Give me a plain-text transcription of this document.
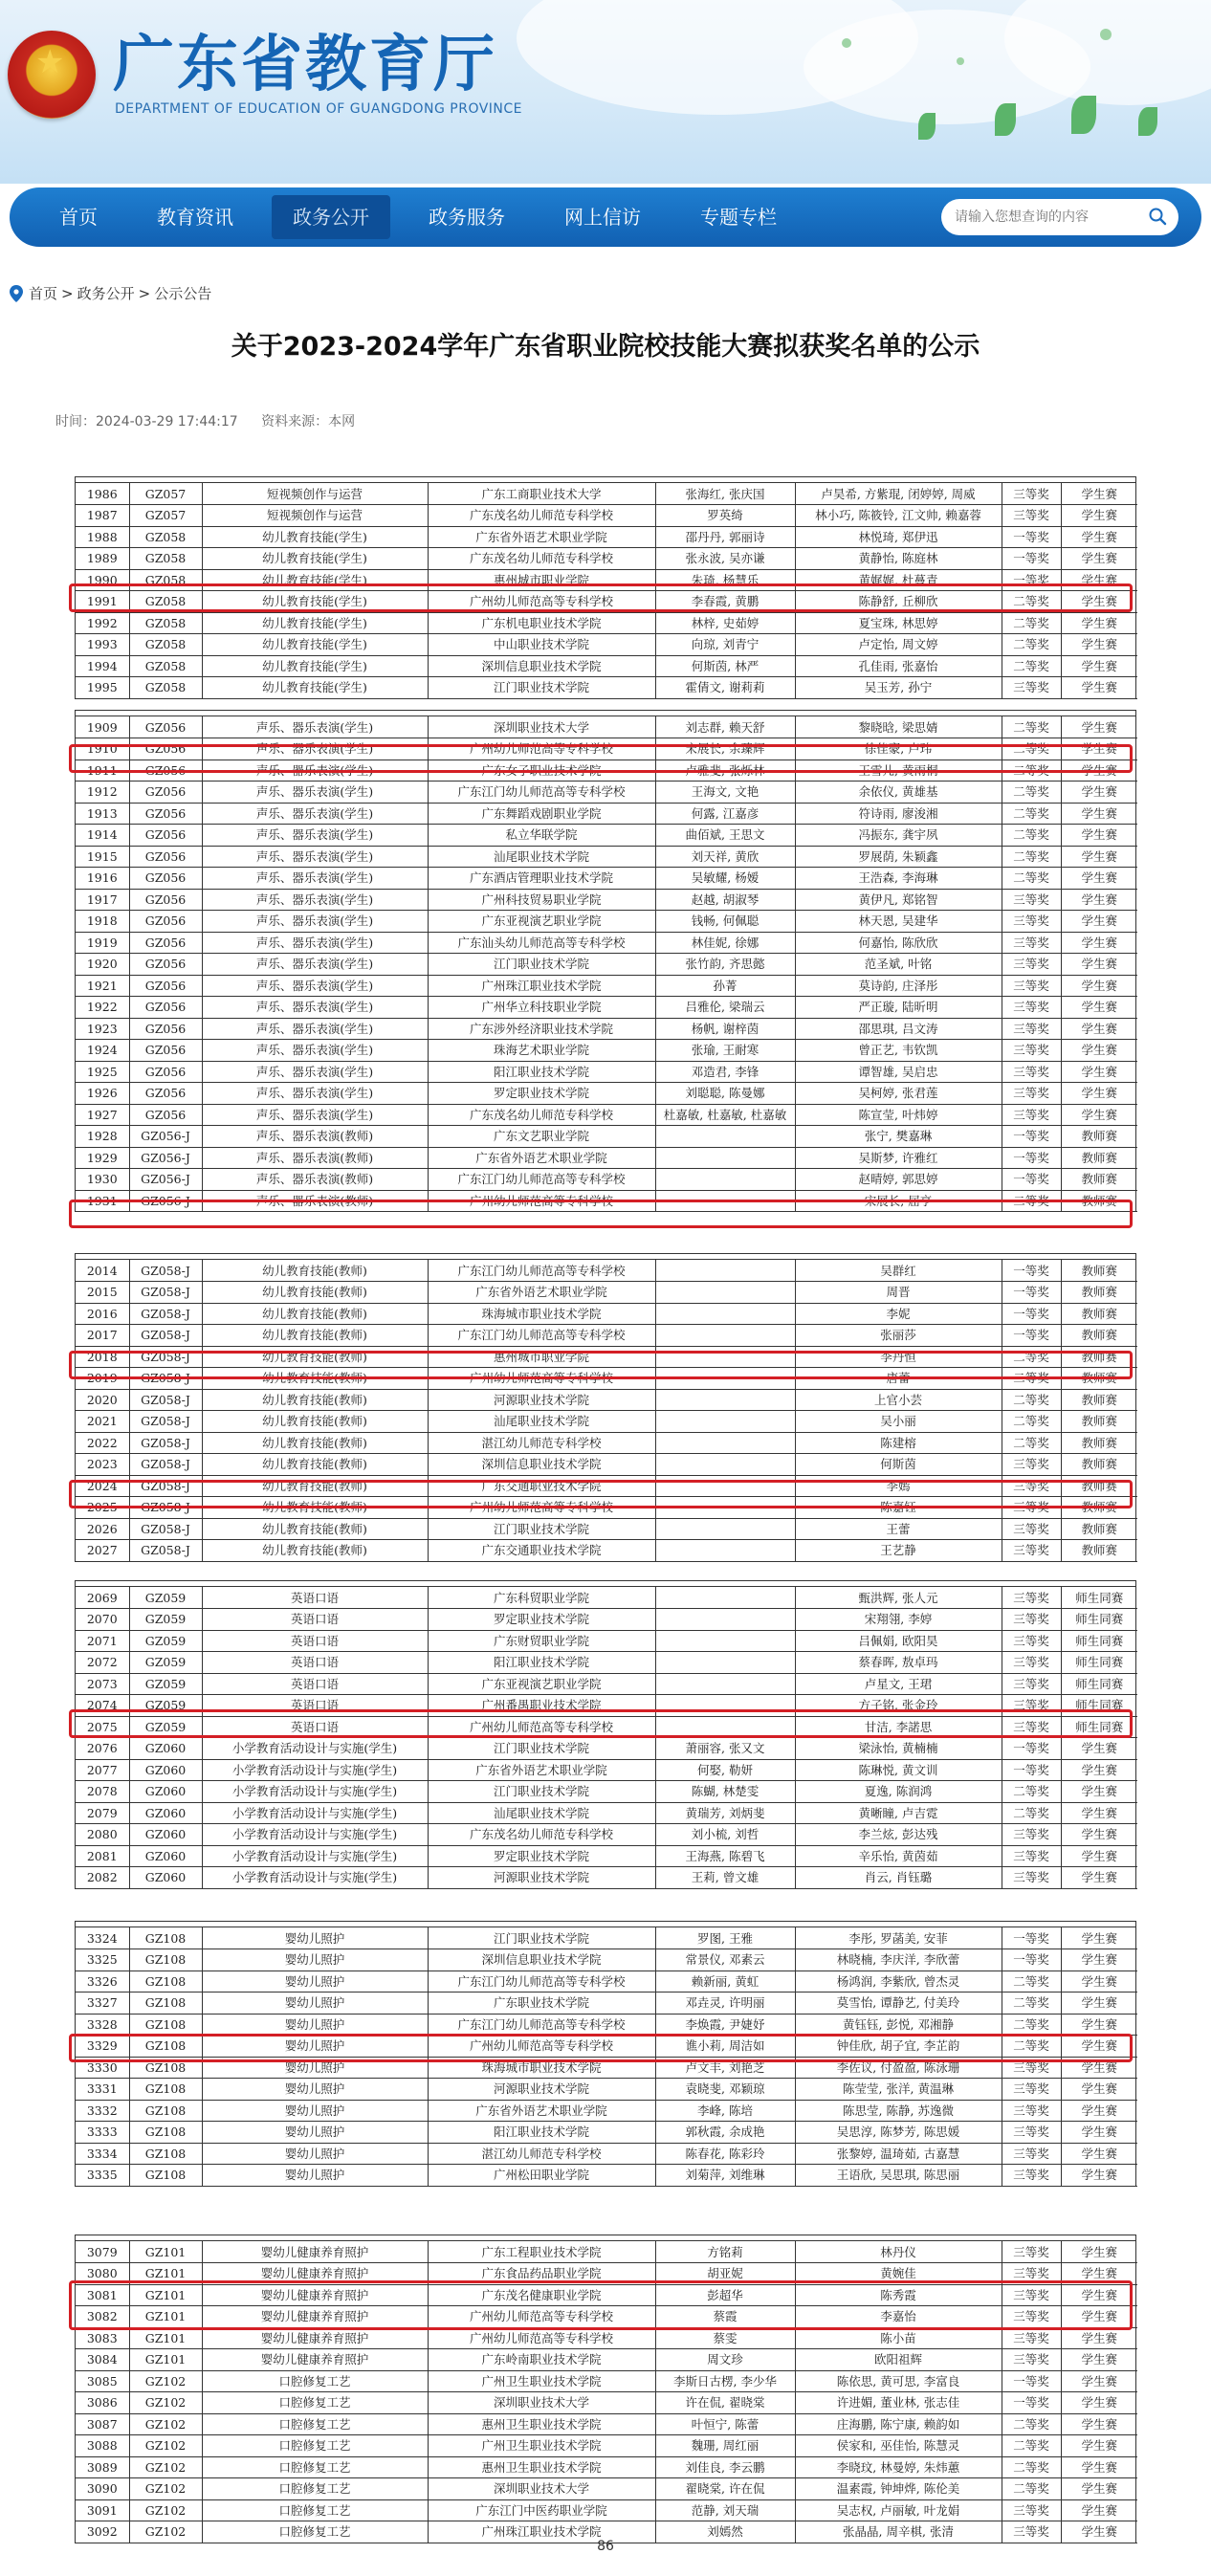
★ 广东省教育厅
DEPARTMENT OF EDUCATION OF GUANGDONG PROVINCE
首页	教育资讯	政务公开	政务服务	网上信访	专题专栏
请输入您想查询的内容
首页 > 政务公开 > 公示公告
关于2023-2024学年广东省职业院校技能大赛拟获奖名单的公示
时间：2024-03-29 17:44:17 资料来源：本网
1986	GZ057	短视频创作与运营	广东工商职业技术大学	张海红, 张庆国	卢昊希, 方紫琨, 闭婷婷, 周威	三等奖	学生赛
1987	GZ057	短视频创作与运营	广东茂名幼儿师范专科学校	罗英绮	林小巧, 陈筱铃, 江文帅, 赖嘉蓉	三等奖	学生赛
1988	GZ058	幼儿教育技能(学生)	广东省外语艺术职业学院	邵丹丹, 郭丽诗	林悦琦, 郑伊迅	一等奖	学生赛
1989	GZ058	幼儿教育技能(学生)	广东茂名幼儿师范专科学校	张永波, 吴亦谦	黄静怡, 陈庭林	一等奖	学生赛
1990	GZ058	幼儿教育技能(学生)	惠州城市职业学院	朱琦, 杨慧乐	黄娓娓, 杜蔓青	一等奖	学生赛
1991	GZ058	幼儿教育技能(学生)	广州幼儿师范高等专科学校	李春霞, 黄鹏	陈静舒, 丘柳欣	二等奖	学生赛
1992	GZ058	幼儿教育技能(学生)	广东机电职业技术学院	林梓, 史茹婷	夏宝珠, 林思婷	二等奖	学生赛
1993	GZ058	幼儿教育技能(学生)	中山职业技术学院	向琼, 刘青宁	卢定怡, 周文婷	二等奖	学生赛
1994	GZ058	幼儿教育技能(学生)	深圳信息职业技术学院	何斯茵, 林严	孔佳雨, 张嘉怡	二等奖	学生赛
1995	GZ058	幼儿教育技能(学生)	江门职业技术学院	霍倩文, 谢莉莉	吴玉芳, 孙宁	三等奖	学生赛
1909	GZ056	声乐、器乐表演(学生)	深圳职业技术大学	刘志群, 赖天舒	黎晓晗, 梁思婧	二等奖	学生赛
1910	GZ056	声乐、器乐表演(学生)	广州幼儿师范高等专科学校	宋展长, 余臻辉	徐佳豪, 卢玮	二等奖	学生赛
1911	GZ056	声乐、器乐表演(学生)	广东女子职业技术学院	卢雅斐, 张烁林	王雪儿, 黄雨桐	二等奖	学生赛
1912	GZ056	声乐、器乐表演(学生)	广东江门幼儿师范高等专科学校	王海文, 文艳	余依仪, 黄雄基	二等奖	学生赛
1913	GZ056	声乐、器乐表演(学生)	广东舞蹈戏剧职业学院	何露, 江嘉彦	符诗雨, 廖浚湘	二等奖	学生赛
1914	GZ056	声乐、器乐表演(学生)	私立华联学院	曲佰斌, 王思文	冯振东, 龚宇夙	二等奖	学生赛
1915	GZ056	声乐、器乐表演(学生)	汕尾职业技术学院	刘天祥, 黄欣	罗展荫, 朱颖鑫	二等奖	学生赛
1916	GZ056	声乐、器乐表演(学生)	广东酒店管理职业技术学院	吴敏耀, 杨嫒	王浩森, 李海琳	二等奖	学生赛
1917	GZ056	声乐、器乐表演(学生)	广州科技贸易职业学院	赵越, 胡淑琴	黄伊凡, 郑铭智	三等奖	学生赛
1918	GZ056	声乐、器乐表演(学生)	广东亚视演艺职业学院	钱畅, 何佩聪	林天恩, 吴建华	三等奖	学生赛
1919	GZ056	声乐、器乐表演(学生)	广东汕头幼儿师范高等专科学校	林佳妮, 徐娜	何嘉怡, 陈欣欣	三等奖	学生赛
1920	GZ056	声乐、器乐表演(学生)	江门职业技术学院	张竹韵, 齐思懿	范圣斌, 叶铭	三等奖	学生赛
1921	GZ056	声乐、器乐表演(学生)	广州珠江职业技术学院	孙菁	莫诗韵, 庄泽彤	三等奖	学生赛
1922	GZ056	声乐、器乐表演(学生)	广州华立科技职业学院	吕雅伦, 梁瑞云	严正璇, 陆昕明	三等奖	学生赛
1923	GZ056	声乐、器乐表演(学生)	广东涉外经济职业技术学院	杨帆, 谢梓茵	邵思琪, 吕文涛	三等奖	学生赛
1924	GZ056	声乐、器乐表演(学生)	珠海艺术职业学院	张瑜, 王耐寒	曾正艺, 韦钦凯	三等奖	学生赛
1925	GZ056	声乐、器乐表演(学生)	阳江职业技术学院	邓造君, 李锋	谭智雄, 吴启忠	三等奖	学生赛
1926	GZ056	声乐、器乐表演(学生)	罗定职业技术学院	刘聪聪, 陈曼娜	吴柯婷, 张君莲	三等奖	学生赛
1927	GZ056	声乐、器乐表演(学生)	广东茂名幼儿师范专科学校	杜嘉敏, 杜嘉敏, 杜嘉敏	陈宣莹, 叶炜婷	三等奖	学生赛
1928	GZ056-J	声乐、器乐表演(教师)	广东文艺职业学院		张宁, 樊嘉琳	一等奖	教师赛
1929	GZ056-J	声乐、器乐表演(教师)	广东省外语艺术职业学院		吴斯梦, 许雅红	一等奖	教师赛
1930	GZ056-J	声乐、器乐表演(教师)	广东江门幼儿师范高等专科学校		赵晴婷, 郭思婷	一等奖	教师赛
1931	GZ056-J	声乐、器乐表演(教师)	广州幼儿师范高等专科学校		宋展长, 屈亨	二等奖	教师赛
2014	GZ058-J	幼儿教育技能(教师)	广东江门幼儿师范高等专科学校		吴群红	一等奖	教师赛
2015	GZ058-J	幼儿教育技能(教师)	广东省外语艺术职业学院		周晋	一等奖	教师赛
2016	GZ058-J	幼儿教育技能(教师)	珠海城市职业技术学院		李妮	一等奖	教师赛
2017	GZ058-J	幼儿教育技能(教师)	广东江门幼儿师范高等专科学校		张丽莎	一等奖	教师赛
2018	GZ058-J	幼儿教育技能(教师)	惠州城市职业学院		李丹恒	二等奖	教师赛
2019	GZ058-J	幼儿教育技能(教师)	广州幼儿师范高等专科学校		唐蕾	二等奖	教师赛
2020	GZ058-J	幼儿教育技能(教师)	河源职业技术学院		上官小芸	二等奖	教师赛
2021	GZ058-J	幼儿教育技能(教师)	汕尾职业技术学院		吴小丽	二等奖	教师赛
2022	GZ058-J	幼儿教育技能(教师)	湛江幼儿师范专科学校		陈建榕	二等奖	教师赛
2023	GZ058-J	幼儿教育技能(教师)	深圳信息职业技术学院		何斯茵	三等奖	教师赛
2024	GZ058-J	幼儿教育技能(教师)	广东交通职业技术学院		李嫣	三等奖	教师赛
2025	GZ058-J	幼儿教育技能(教师)	广州幼儿师范高等专科学校		陈嘉钰	三等奖	教师赛
2026	GZ058-J	幼儿教育技能(教师)	江门职业技术学院		王蕾	三等奖	教师赛
2027	GZ058-J	幼儿教育技能(教师)	广东交通职业技术学院		王艺静	三等奖	教师赛
2069	GZ059	英语口语	广东科贸职业学院		甄洪辉, 张人元	三等奖	师生同赛
2070	GZ059	英语口语	罗定职业技术学院		宋翔翎, 李婷	三等奖	师生同赛
2071	GZ059	英语口语	广东财贸职业学院		吕佩娟, 欧阳昊	三等奖	师生同赛
2072	GZ059	英语口语	阳江职业技术学院		蔡春晖, 敖卓玛	三等奖	师生同赛
2073	GZ059	英语口语	广东亚视演艺职业学院		卢星文, 王珺	三等奖	师生同赛
2074	GZ059	英语口语	广州番禺职业技术学院		方子铭, 张金玲	三等奖	师生同赛
2075	GZ059	英语口语	广州幼儿师范高等专科学校		甘洁, 李諾思	三等奖	师生同赛
2076	GZ060	小学教育活动设计与实施(学生)	江门职业技术学院	萧丽容, 张又文	梁泳怡, 黄楠楠	一等奖	学生赛
2077	GZ060	小学教育活动设计与实施(学生)	广东省外语艺术职业学院	何娶, 勒妍	陈琳悦, 黄文训	一等奖	学生赛
2078	GZ060	小学教育活动设计与实施(学生)	江门职业技术学院	陈蝴, 林楚雯	夏逸, 陈润鸿	二等奖	学生赛
2079	GZ060	小学教育活动设计与实施(学生)	汕尾职业技术学院	黄瑞芳, 刘炳斐	黄晰瞳, 卢吉霓	二等奖	学生赛
2080	GZ060	小学教育活动设计与实施(学生)	广东茂名幼儿师范专科学校	刘小梳, 刘哲	李兰炫, 彭达残	三等奖	学生赛
2081	GZ060	小学教育活动设计与实施(学生)	罗定职业技术学院	王海燕, 陈碧飞	辛乐怡, 黄茵茹	三等奖	学生赛
2082	GZ060	小学教育活动设计与实施(学生)	河源职业技术学院	王莉, 曾文雄	肖云, 肖钰璐	三等奖	学生赛
3324	GZ108	婴幼儿照护	江门职业技术学院	罗图, 王雅	李彤, 罗菡美, 安菲	一等奖	学生赛
3325	GZ108	婴幼儿照护	深圳信息职业技术学院	常景仪, 邓素云	林晓楠, 李庆洋, 李欣蕾	一等奖	学生赛
3326	GZ108	婴幼儿照护	广东江门幼儿师范高等专科学校	赖新丽, 黄虹	杨鸿润, 李紫欣, 曾杰灵	二等奖	学生赛
3327	GZ108	婴幼儿照护	广东职业技术学院	邓垚灵, 许明丽	莫雪怡, 谭静艺, 付美玲	二等奖	学生赛
3328	GZ108	婴幼儿照护	广东江门幼儿师范高等专科学校	李焕霞, 尹婕妤	黄钰钰, 彭悦, 邓湘静	二等奖	学生赛
3329	GZ108	婴幼儿照护	广州幼儿师范高等专科学校	谯小莉, 周洁如	钟佳欣, 胡子宜, 李芷韵	二等奖	学生赛
3330	GZ108	婴幼儿照护	珠海城市职业技术学院	卢文丰, 刘艳芝	李佐议, 付盈盈, 陈泳珊	三等奖	学生赛
3331	GZ108	婴幼儿照护	河源职业技术学院	袁晓斐, 邓颖琼	陈莹莹, 张洋, 黄温琳	三等奖	学生赛
3332	GZ108	婴幼儿照护	广东省外语艺术职业学院	李峰, 陈培	陈思莹, 陈静, 苏逸微	三等奖	学生赛
3333	GZ108	婴幼儿照护	阳江职业技术学院	郭秋霞, 余成艳	吴思淳, 陈梦芳, 陈思媛	三等奖	学生赛
3334	GZ108	婴幼儿照护	湛江幼儿师范专科学校	陈春花, 陈彩玲	张黎婷, 温琦茹, 古嘉慧	三等奖	学生赛
3335	GZ108	婴幼儿照护	广州松田职业学院	刘菊萍, 刘维琳	王语欣, 吴思琪, 陈思丽	三等奖	学生赛
3079	GZ101	婴幼儿健康养育照护	广东工程职业技术学院	方铭莉	林丹仪	三等奖	学生赛
3080	GZ101	婴幼儿健康养育照护	广东食品药品职业学院	胡亚妮	黄婉佳	三等奖	学生赛
3081	GZ101	婴幼儿健康养育照护	广东茂名健康职业学院	彭超华	陈秀霞	三等奖	学生赛
3082	GZ101	婴幼儿健康养育照护	广州幼儿师范高等专科学校	蔡霞	李嘉怡	三等奖	学生赛
3083	GZ101	婴幼儿健康养育照护	广州幼儿师范高等专科学校	蔡雯	陈小苗	三等奖	学生赛
3084	GZ101	婴幼儿健康养育照护	广东岭南职业技术学院	周文珍	欧阳祖辉	三等奖	学生赛
3085	GZ102	口腔修复工艺	广州卫生职业技术学院	李斯日古楞, 李少华	陈依思, 黄可思, 李富良	一等奖	学生赛
3086	GZ102	口腔修复工艺	深圳职业技术大学	许在侃, 翟晓棠	许进媚, 董业林, 张志佳	一等奖	学生赛
3087	GZ102	口腔修复工艺	惠州卫生职业技术学院	叶恒宁, 陈蕾	庄海鹏, 陈宁康, 赖韵如	二等奖	学生赛
3088	GZ102	口腔修复工艺	广州卫生职业技术学院	魏珊, 周红丽	侯家和, 巫佳怡, 陈慧灵	二等奖	学生赛
3089	GZ102	口腔修复工艺	惠州卫生职业技术学院	刘佳良, 李云鹏	李晓玟, 林曼婷, 朱炜蕙	二等奖	学生赛
3090	GZ102	口腔修复工艺	深圳职业技术大学	翟晓棠, 许在侃	温素霞, 钟坤烨, 陈伦美	二等奖	学生赛
3091	GZ102	口腔修复工艺	广东江门中医药职业学院	范静, 刘天瑞	吴志权, 卢丽敏, 叶龙娟	三等奖	学生赛
3092	GZ102	口腔修复工艺	广州珠江职业技术学院	刘嫣然	张晶晶, 周辛棋, 张清	三等奖	学生赛
86
